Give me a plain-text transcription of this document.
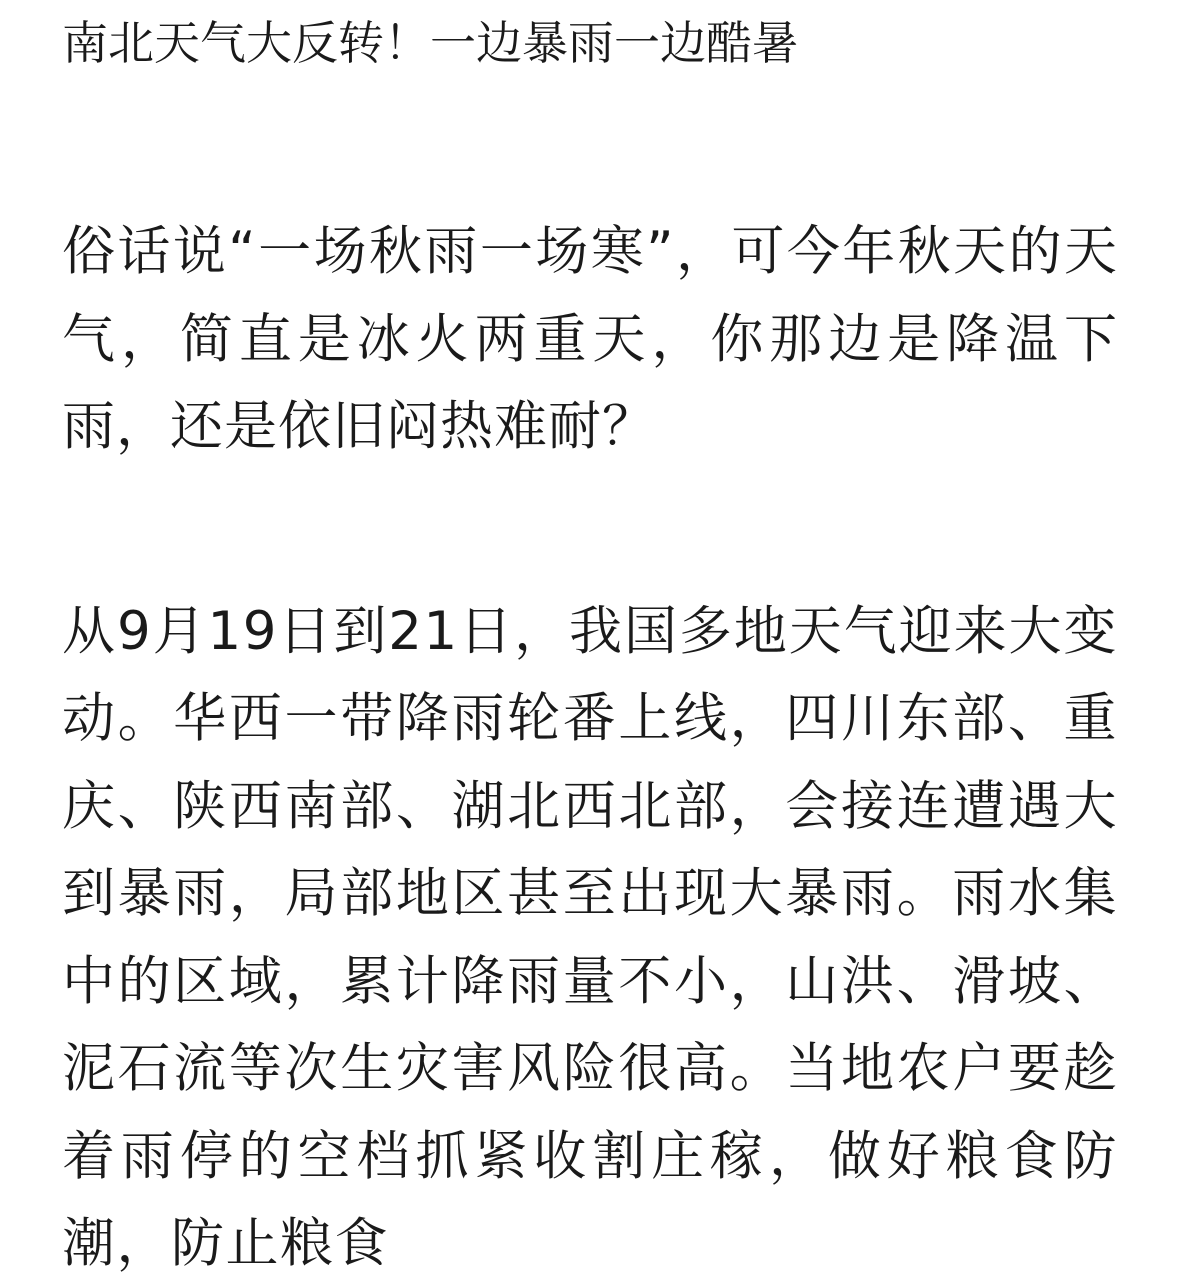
南北天气大反转！一边暴雨一边酷暑

俗话说“一场秋雨一场寒”，可今年秋天的天气，简直是冰火两重天，你那边是降温下雨，还是依旧闷热难耐？

从9月19日到21日，我国多地天气迎来大变动。华西一带降雨轮番上线，四川东部、重庆、陕西南部、湖北西北部，会接连遭遇大到暴雨，局部地区甚至出现大暴雨。雨水集中的区域，累计降雨量不小，山洪、滑坡、泥石流等次生灾害风险很高。当地农户要趁着雨停的空档抓紧收割庄稼，做好粮食防潮，防止粮食
